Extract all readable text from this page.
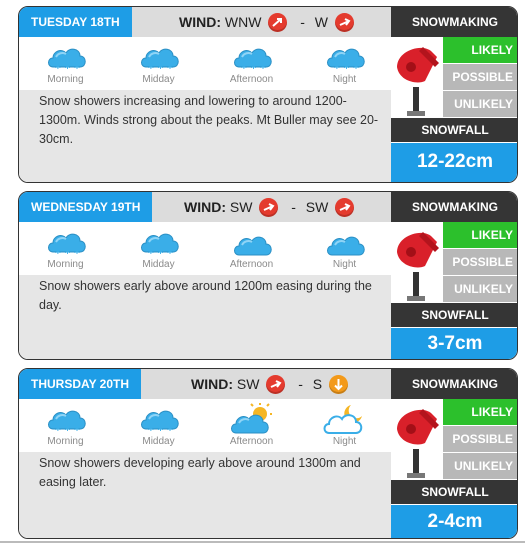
TUESDAY 18TH	WIND: WNW	- W
* * *
Morning
* * *
Midday
* * *
Afternoon
* * *
Night
Snow showers increasing and lowering to around 1200-1300m. Winds strong about the peaks. Mt Buller may see 20-30cm.
SNOWMAKING
LIKELY
POSSIBLE
UNLIKELY
SNOWFALL
12-22cm
WEDNESDAY 19TH	WIND: SW	- SW
* * *
Morning
* * *
Midday	Afternoon	Night
Snow showers early above around 1200m easing during the day.
SNOWMAKING
LIKELY
POSSIBLE
UNLIKELY
SNOWFALL
3-7cm
THURSDAY 20TH	WIND: SW	- S
* * *
Morning
* * *
Midday	Afternoon	Night
Snow showers developing early above around 1300m and easing later.
SNOWMAKING
LIKELY
POSSIBLE
UNLIKELY
SNOWFALL
2-4cm
